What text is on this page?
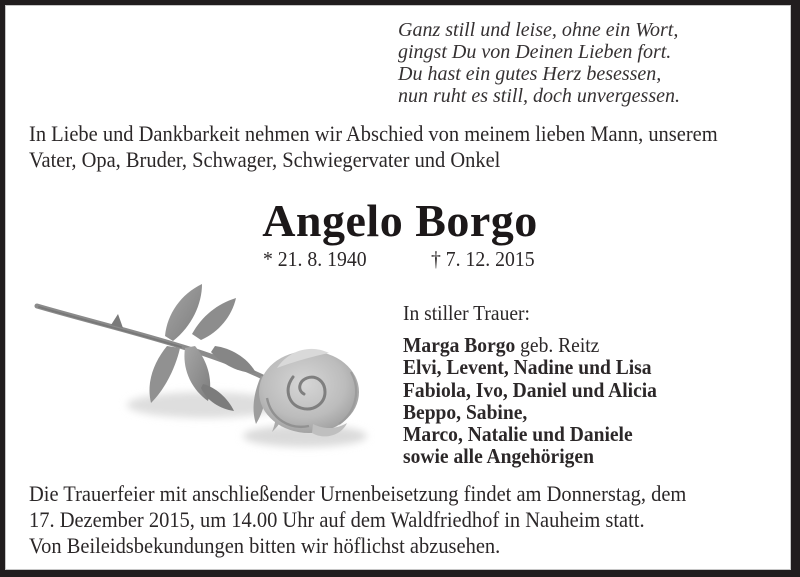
Ganz still und leise, ohne ein Wort,
gingst Du von Deinen Lieben fort.
Du hast ein gutes Herz besessen,
nun ruht es still, doch unvergessen.
In Liebe und Dankbarkeit nehmen wir Abschied von meinem lieben Mann, unserem
Vater, Opa, Bruder, Schwager, Schwiegervater und Onkel
Angelo Borgo
* 21. 8. 1940	† 7. 12. 2015
In stiller Trauer:
Marga Borgo geb. Reitz
Elvi, Levent, Nadine und Lisa
Fabiola, Ivo, Daniel und Alicia
Beppo, Sabine,
Marco, Natalie und Daniele
sowie alle Angehörigen
Die Trauerfeier mit anschließender Urnenbeisetzung findet am Donnerstag, dem
17. Dezember 2015, um 14.00 Uhr auf dem Waldfriedhof in Nauheim statt.
Von Beileidsbekundungen bitten wir höflichst abzusehen.
